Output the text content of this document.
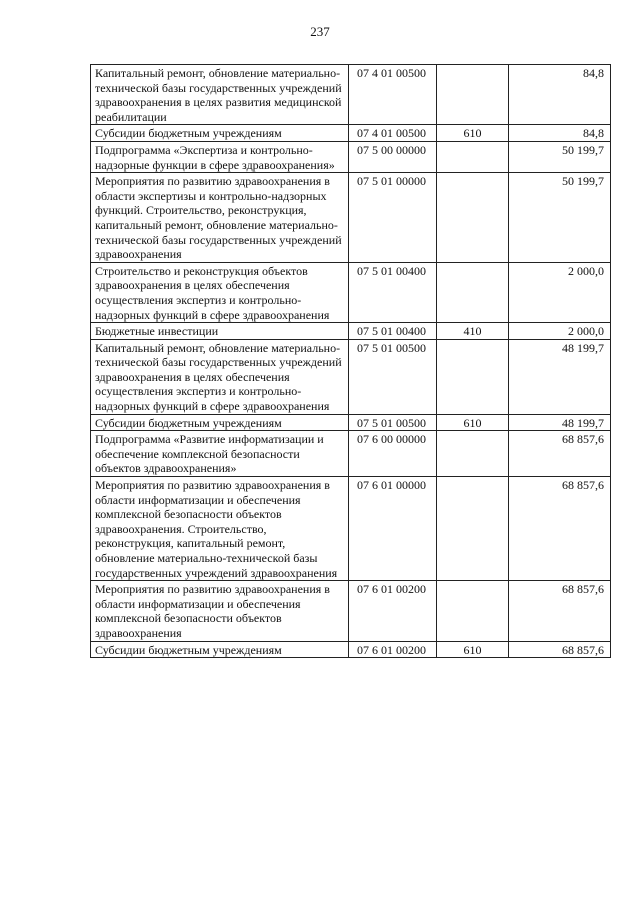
237
Капитальный ремонт, обновление материально-технической базы государственных учреждений здравоохранения в целях развития медицинской реабилитации	07 4 01 00500		84,8
Субсидии бюджетным учреждениям	07 4 01 00500	610	84,8
Подпрограмма «Экспертиза и контрольно-надзорные функции в сфере здравоохранения»	07 5 00 00000		50 199,7
Мероприятия по развитию здравоохранения в области экспертизы и контрольно-надзорных функций. Строительство, реконструкция, капитальный ремонт, обновление материально-технической базы государственных учреждений здравоохранения	07 5 01 00000		50 199,7
Строительство и реконструкция объектов здравоохранения в целях обеспечения осуществления экспертиз и контрольно-надзорных функций в сфере здравоохранения	07 5 01 00400		2 000,0
Бюджетные инвестиции	07 5 01 00400	410	2 000,0
Капитальный ремонт, обновление материально-технической базы государственных учреждений здравоохранения в целях обеспечения осуществления экспертиз и контрольно-надзорных функций в сфере здравоохранения	07 5 01 00500		48 199,7
Субсидии бюджетным учреждениям	07 5 01 00500	610	48 199,7
Подпрограмма «Развитие информатизации и обеспечение комплексной безопасности объектов здравоохранения»	07 6 00 00000		68 857,6
Мероприятия по развитию здравоохранения в области информатизации и обеспечения комплексной безопасности объектов здравоохранения. Строительство, реконструкция, капитальный ремонт, обновление материально-технической базы государственных учреждений здравоохранения	07 6 01 00000		68 857,6
Мероприятия по развитию здравоохранения в области информатизации и обеспечения комплексной безопасности объектов здравоохранения	07 6 01 00200		68 857,6
Субсидии бюджетным учреждениям	07 6 01 00200	610	68 857,6
